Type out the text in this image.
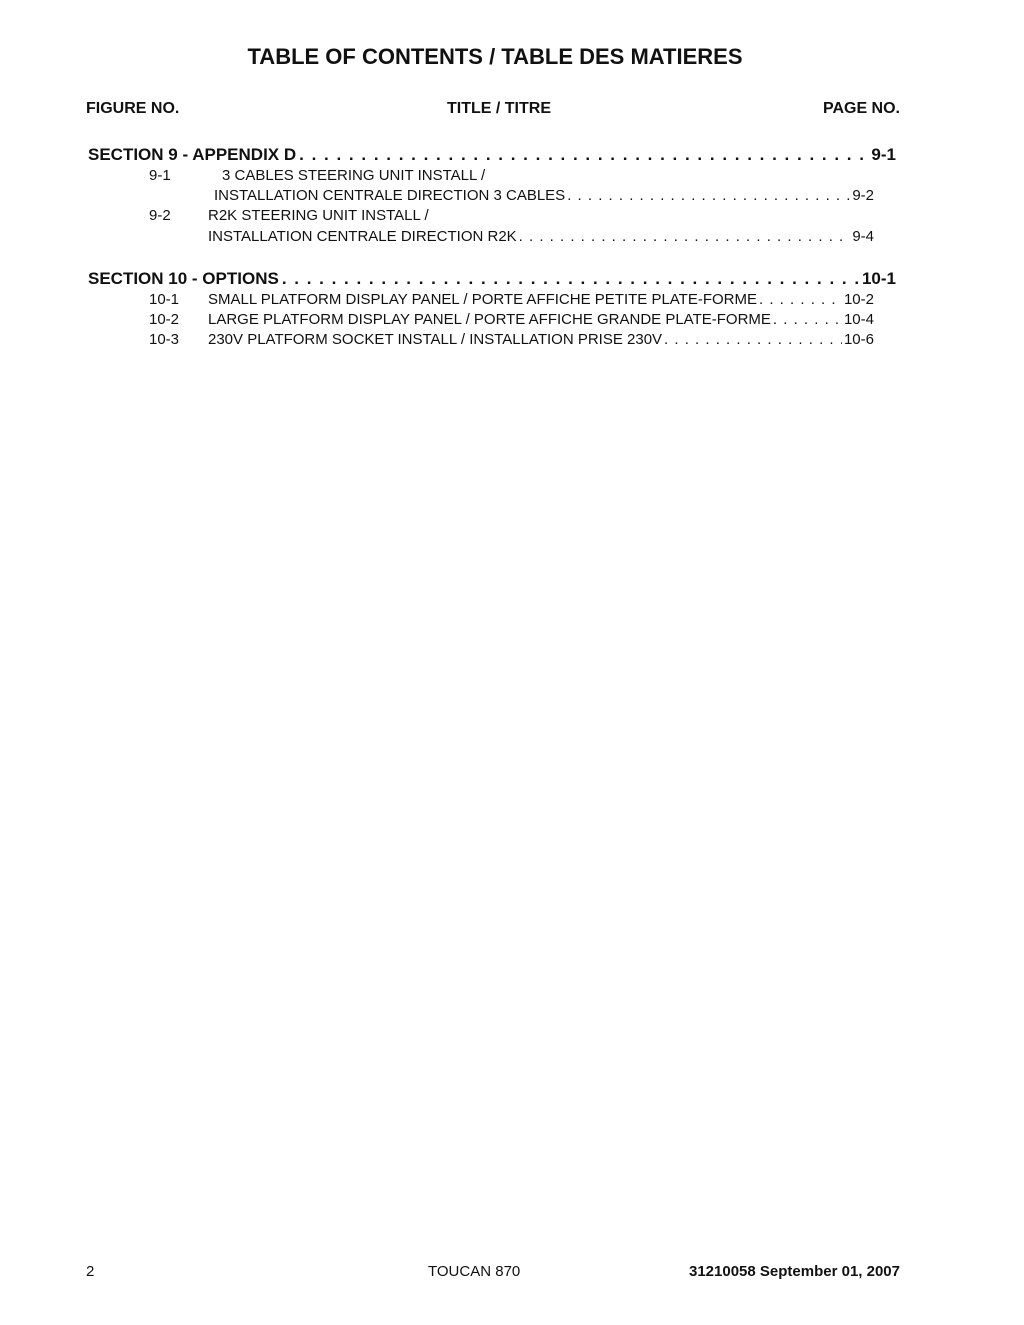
TABLE OF CONTENTS / TABLE DES MATIERES
FIGURE NO.	TITLE / TITRE	PAGE NO.
SECTION 9 - APPENDIX D . . .	9-1
9-1	3 CABLES STEERING UNIT INSTALL /
INSTALLATION CENTRALE DIRECTION 3 CABLES . . .	9-2
9-2 R2K STEERING UNIT INSTALL /
INSTALLATION CENTRALE DIRECTION R2K . . .	9-4
SECTION 10 - OPTIONS . . .	10-1
10-1 SMALL PLATFORM DISPLAY PANEL / PORTE AFFICHE PETITE PLATE-FORME . . .	10-2
10-2 LARGE PLATFORM DISPLAY PANEL / PORTE AFFICHE GRANDE PLATE-FORME . . .	10-4
10-3 230V PLATFORM SOCKET INSTALL / INSTALLATION PRISE 230V . . .	10-6
2	TOUCAN 870	31210058 September 01, 2007
